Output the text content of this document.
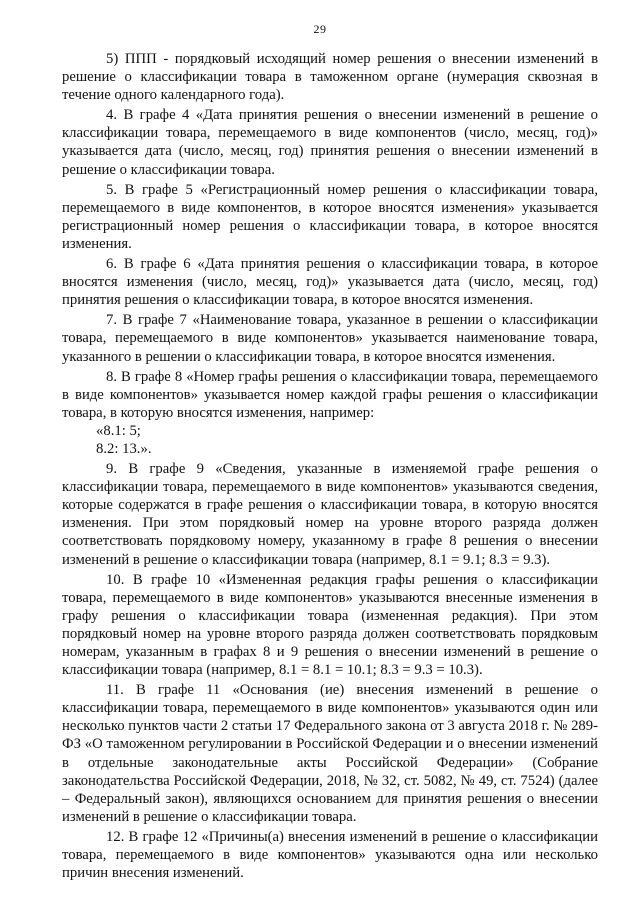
29

5) ППП - порядковый исходящий номер решения о внесении изменений в решение о классификации товара в таможенном органе (нумерация сквозная в течение одного календарного года).

4. В графе 4 «Дата принятия решения о внесении изменений в решение о классификации товара, перемещаемого в виде компонентов (число, месяц, год)» указывается дата (число, месяц, год) принятия решения о внесении изменений в решение о классификации товара.

5. В графе 5 «Регистрационный номер решения о классификации товара, перемещаемого в виде компонентов, в которое вносятся изменения» указывается регистрационный номер решения о классификации товара, в которое вносятся изменения.

6. В графе 6 «Дата принятия решения о классификации товара, в которое вносятся изменения (число, месяц, год)» указывается дата (число, месяц, год) принятия решения о классификации товара, в которое вносятся изменения.

7. В графе 7 «Наименование товара, указанное в решении о классификации товара, перемещаемого в виде компонентов» указывается наименование товара, указанного в решении о классификации товара, в которое вносятся изменения.

8. В графе 8 «Номер графы решения о классификации товара, перемещаемого в виде компонентов» указывается номер каждой графы решения о классификации товара, в которую вносятся изменения, например:

«8.1: 5;

8.2: 13.».

9. В графе 9 «Сведения, указанные в изменяемой графе решения о классификации товара, перемещаемого в виде компонентов» указываются сведения, которые содержатся в графе решения о классификации товара, в которую вносятся изменения. При этом порядковый номер на уровне второго разряда должен соответствовать порядковому номеру, указанному в графе 8 решения о внесении изменений в решение о классификации товара (например, 8.1 = 9.1; 8.3 = 9.3).

10. В графе 10 «Измененная редакция графы решения о классификации товара, перемещаемого в виде компонентов» указываются внесенные изменения в графу решения о классификации товара (измененная редакция). При этом порядковый номер на уровне второго разряда должен соответствовать порядковым номерам, указанным в графах 8 и 9 решения о внесении изменений в решение о классификации товара (например, 8.1 = 8.1 = 10.1; 8.3 = 9.3 = 10.3).

11. В графе 11 «Основания (ие) внесения изменений в решение о классификации товара, перемещаемого в виде компонентов» указываются один или несколько пунктов части 2 статьи 17 Федерального закона от 3 августа 2018 г. № 289-ФЗ «О таможенном регулировании в Российской Федерации и о внесении изменений в отдельные законодательные акты Российской Федерации» (Собрание законодательства Российской Федерации, 2018, № 32, ст. 5082, № 49, ст. 7524) (далее – Федеральный закон), являющихся основанием для принятия решения о внесении изменений в решение о классификации товара.

12. В графе 12 «Причины(а) внесения изменений в решение о классификации товара, перемещаемого в виде компонентов» указываются одна или несколько причин внесения изменений.
